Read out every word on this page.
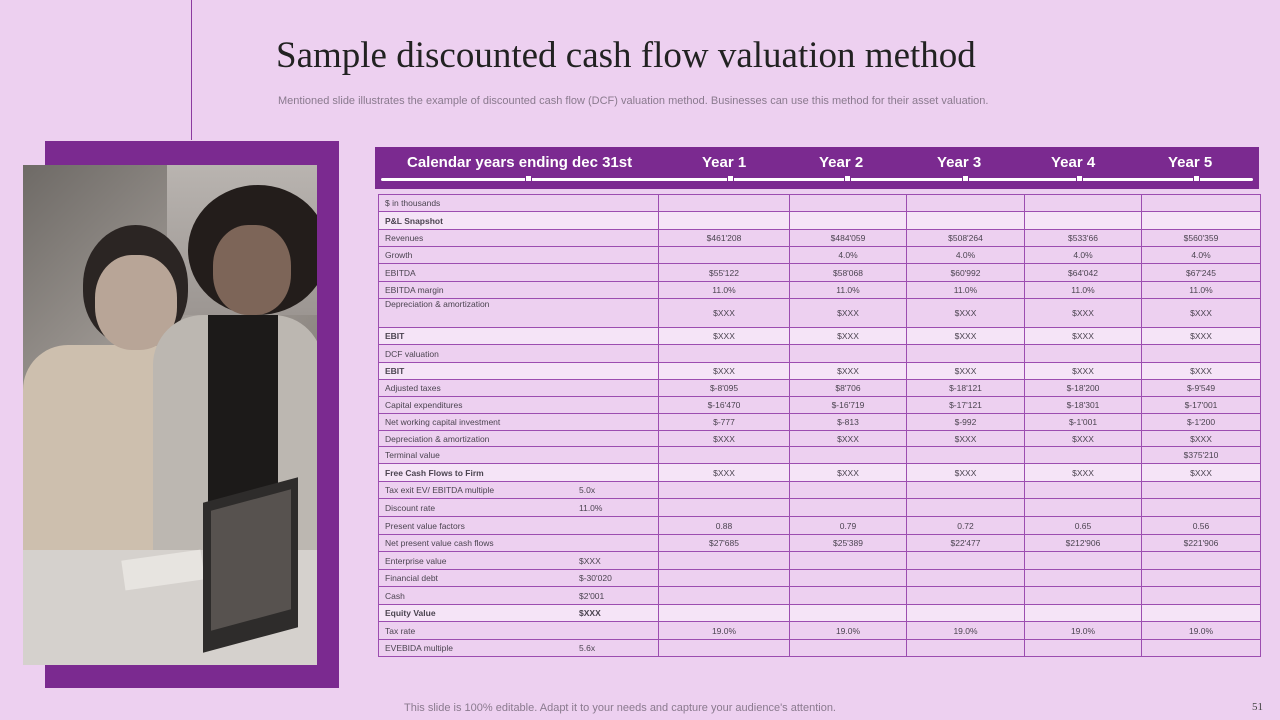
Sample discounted cash flow valuation method
Mentioned slide illustrates the example of discounted cash flow (DCF) valuation method. Businesses can use this method for their asset valuation.
Calendar years ending dec 31st	Year 1	Year 2	Year 3	Year 4	Year 5
$ in thousands					
P&L Snapshot					
Revenues	$461'208	$484'059	$508'264	$533'66	$560'359
Growth		4.0%	4.0%	4.0%	4.0%
EBITDA	$55'122	$58'068	$60'992	$64'042	$67'245
EBITDA margin	11.0%	11.0%	11.0%	11.0%	11.0%
Depreciation & amortization	$XXX	$XXX	$XXX	$XXX	$XXX
EBIT	$XXX	$XXX	$XXX	$XXX	$XXX
DCF valuation					
EBIT	$XXX	$XXX	$XXX	$XXX	$XXX
Adjusted taxes	$-8'095	$8'706	$-18'121	$-18'200	$-9'549
Capital expenditures	$-16'470	$-16'719	$-17'121	$-18'301	$-17'001
Net working capital investment	$-777	$-813	$-992	$-1'001	$-1'200
Depreciation & amortization	$XXX	$XXX	$XXX	$XXX	$XXX
Terminal value					$375'210
Free Cash Flows to Firm	$XXX	$XXX	$XXX	$XXX	$XXX
Tax exit EV/ EBITDA multiple 5.0x					

Discount rate 11.0%					

Present value factors	0.88	0.79	0.72	0.65	0.56
Net present value cash flows	$27'685	$25'389	$22'477	$212'906	$221'906
Enterprise value $XXX					

Financial debt $-30'020					

Cash $2'001					

Equity Value $XXX					

Tax rate	19.0%	19.0%	19.0%	19.0%	19.0%
EVEBIDA multiple 5.6x					

This slide is 100% editable. Adapt it to your needs and capture your audience's attention.	51
